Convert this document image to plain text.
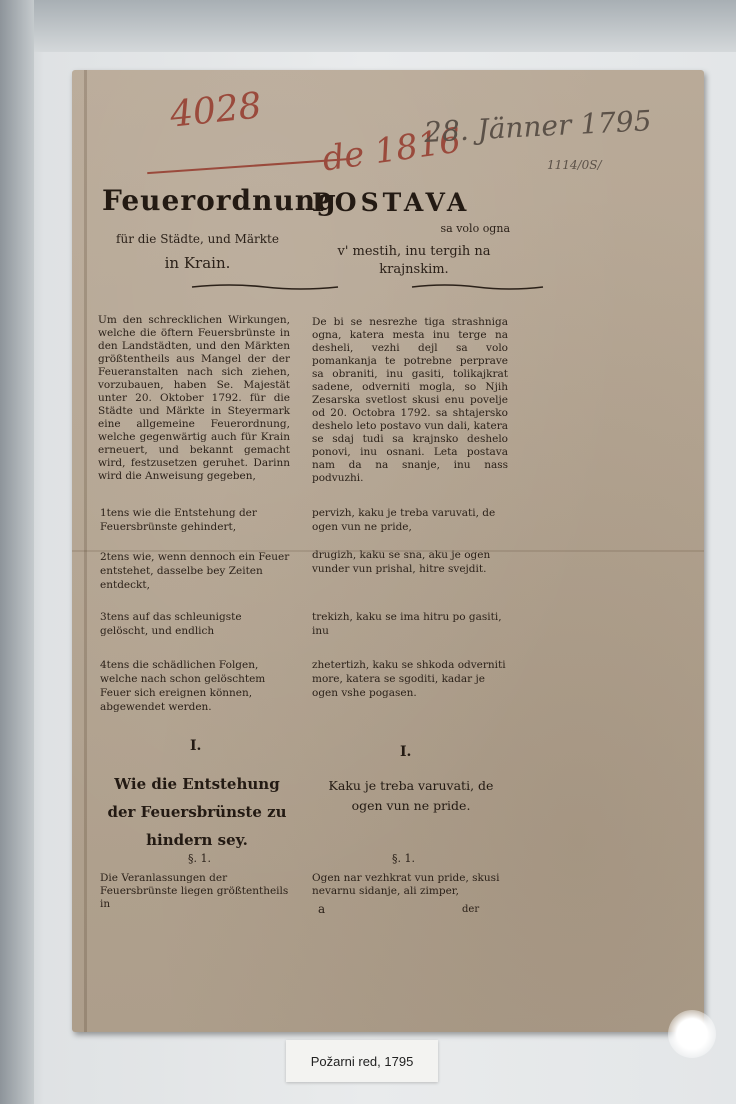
4028
de 1816
28. Jänner 1795
1114/0S/
Feuerordnung
für die Städte, und Märkte
in Krain.
Um den schrecklichen Wirkungen, welche die öftern Feuersbrünste in den Landstädten, und den Märkten größtentheils aus Mangel der der Feueranstalten nach sich ziehen, vorzubauen, haben Se. Majestät unter 20. Oktober 1792. für die Städte und Märkte in Steyermark eine allgemeine Feuerordnung, welche gegenwärtig auch für Krain erneuert, und bekannt gemacht wird, festzusetzen geruhet. Darinn wird die Anweisung gegeben,
1tens wie die Entstehung der Feuersbrünste gehindert,
2tens wie, wenn dennoch ein Feuer entstehet, dasselbe bey Zeiten entdeckt,
3tens auf das schleunigste gelöscht, und endlich
4tens die schädlichen Folgen, welche nach schon gelöschtem Feuer sich ereignen können, abgewendet werden.
I.
Wie die Entstehung der Feuersbrünste zu hindern sey.
§. 1.
Die Veranlassungen der Feuersbrünste liegen größtentheils in
POSTAVA
sa volo ogna
v' mestih, inu tergih na
krajnskim.
De bi se nesrezhe tiga strashniga ogna, katera mesta inu terge na desheli, vezhi dejl sa volo pomankanja te potrebne perprave sa obraniti, inu gasiti, tolikajkrat sadene, odverniti mogla, so Njih Zesarska svetlost skusi enu povelje od 20. Octobra 1792. sa shtajersko deshelo leto postavo vun dali, katera se sdaj tudi sa krajnsko deshelo ponovi, inu osnani. Leta postava nam da na snanje, inu nass podvuzhi.
pervizh, kaku je treba varuvati, de ogen vun ne pride,
drugizh, kaku se sna, aku je ogen vunder vun prishal, hitre svejdit.
trekizh, kaku se ima hitru po gasiti, inu
zhetertizh, kaku se shkoda odverniti more, katera se sgoditi, kadar je ogen vshe pogasen.
I.
Kaku je treba varuvati, de ogen vun ne pride.
§. 1.
Ogen nar vezhkrat vun pride, skusi nevarnu sidanje, ali zimper,
a	der
Požarni red, 1795
